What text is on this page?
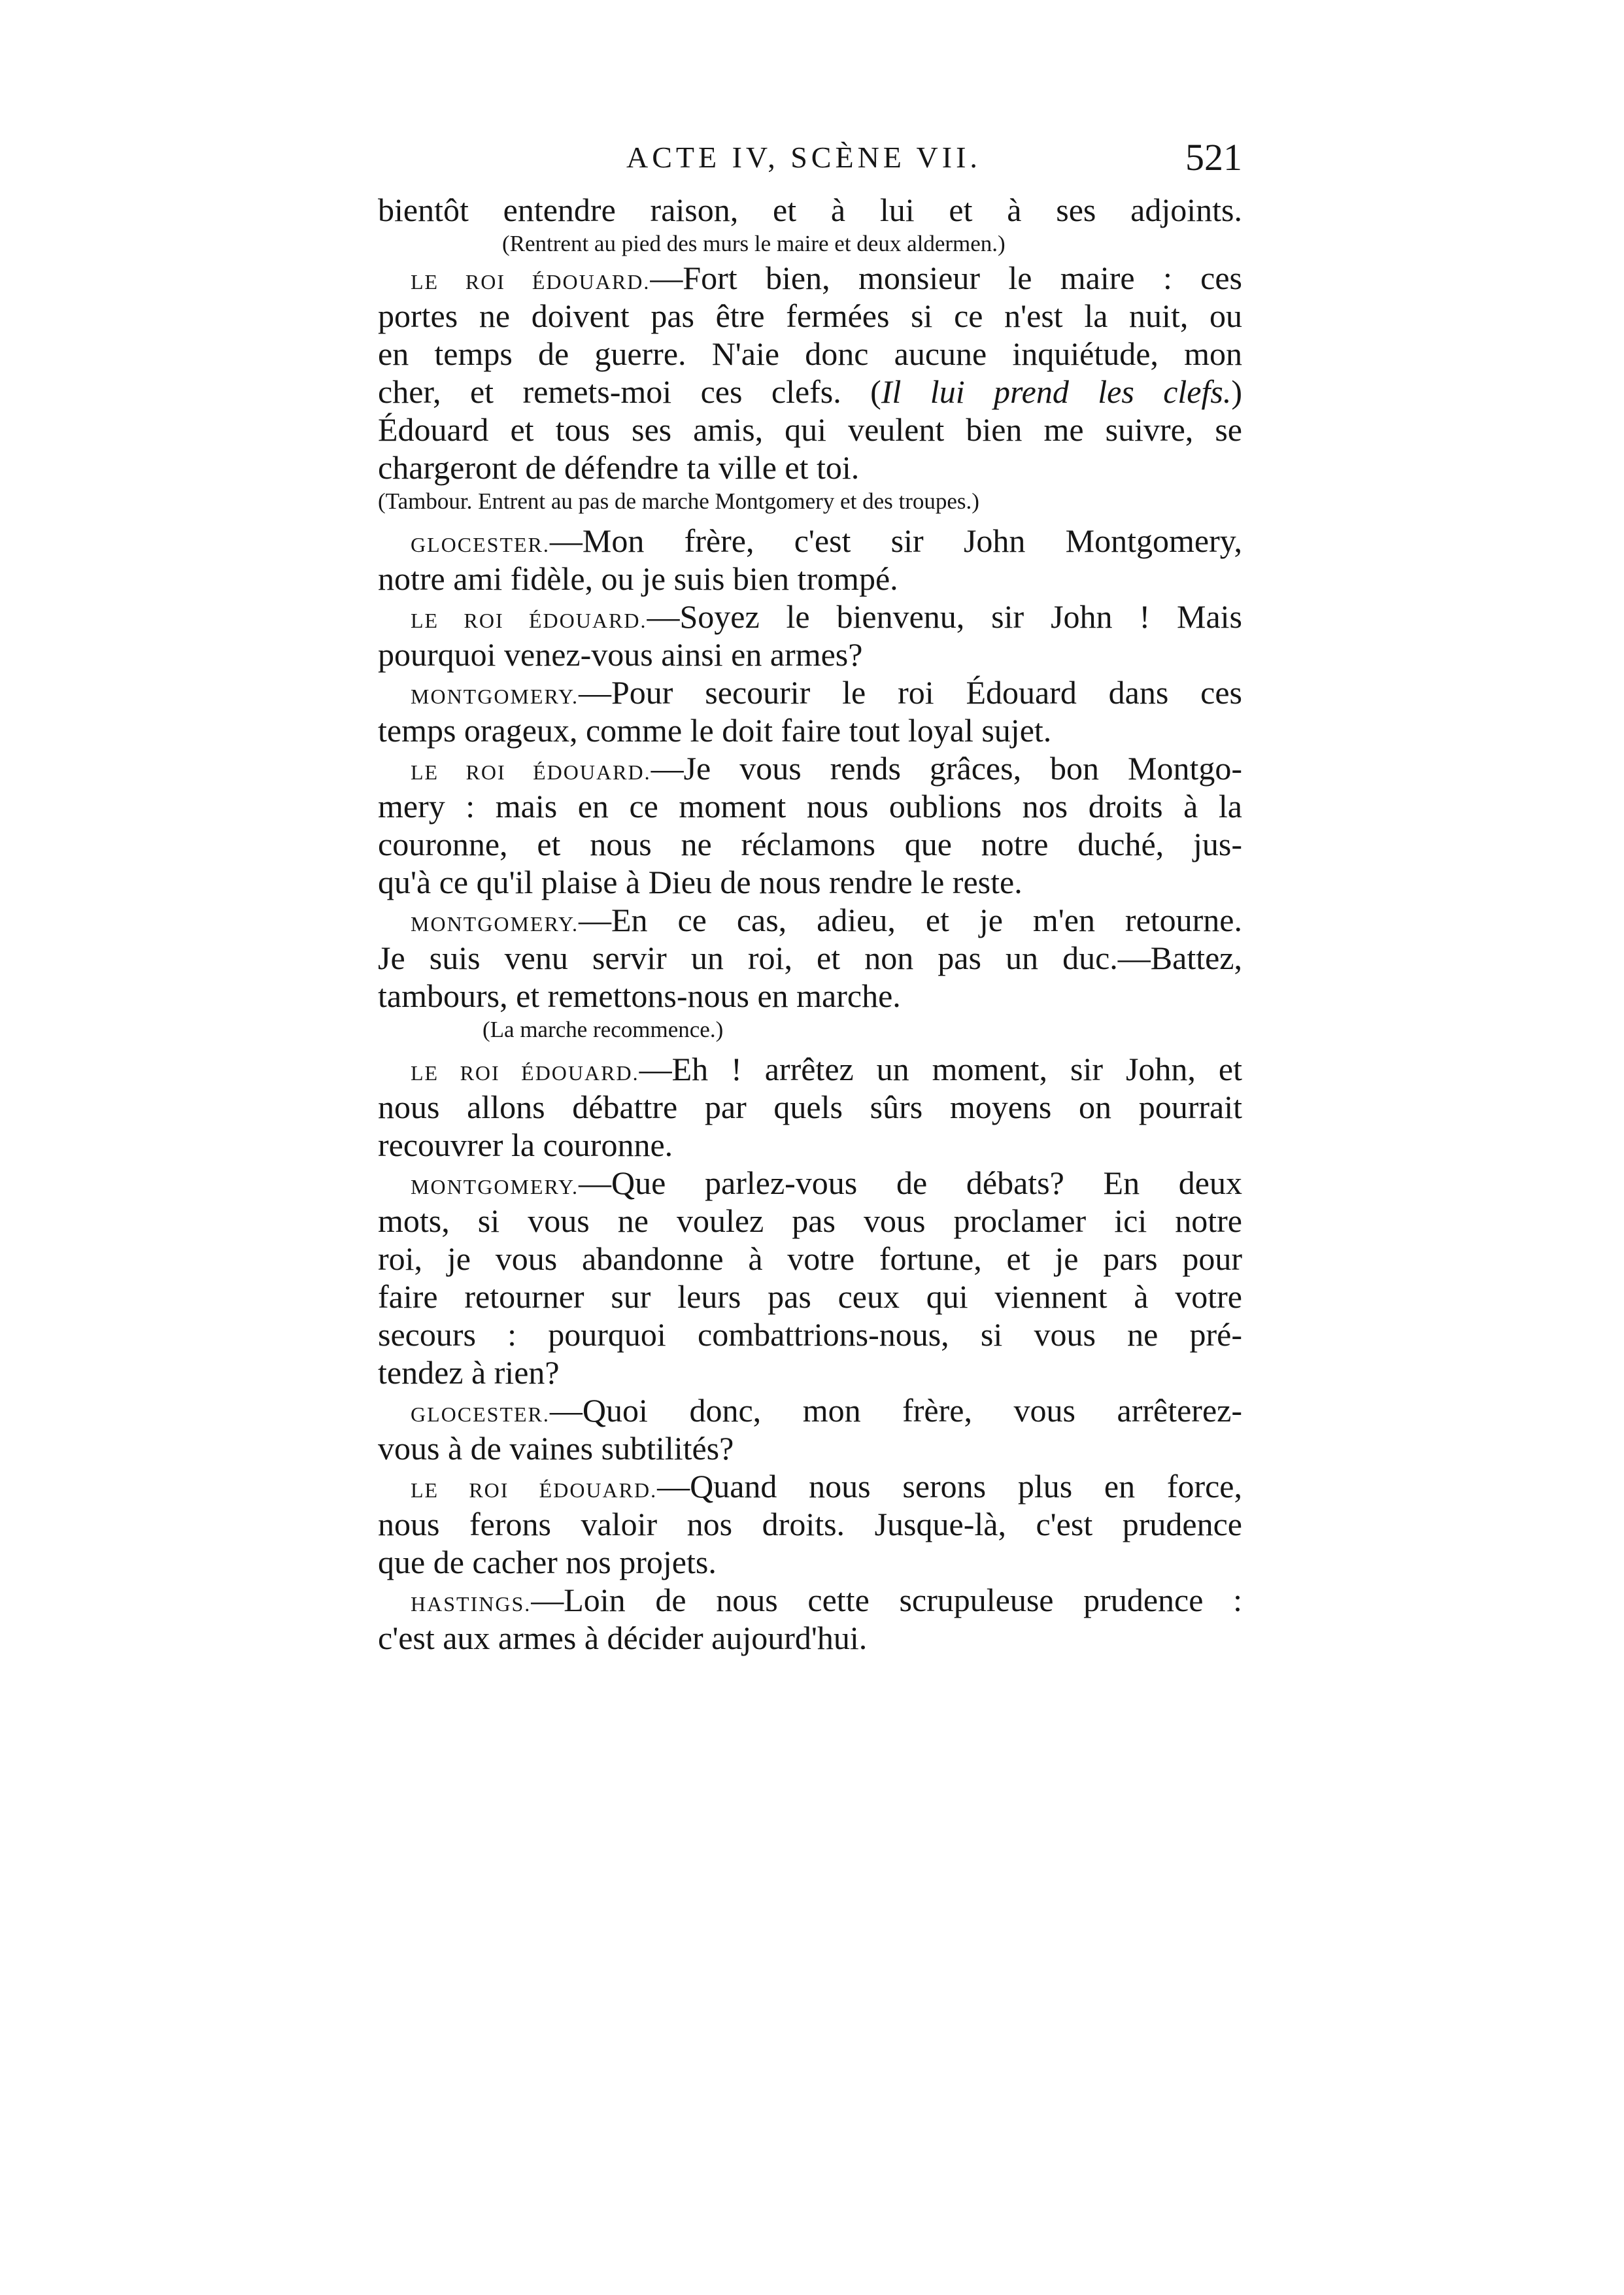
ACTE IV, SCÈNE VII.	521
bientôt entendre raison, et à lui et à ses adjoints.
(Rentrent au pied des murs le maire et deux aldermen.)
LE ROI ÉDOUARD.—Fort bien, monsieur le maire : ces
portes ne doivent pas être fermées si ce n'est la nuit, ou
en temps de guerre. N'aie donc aucune inquiétude, mon
cher, et remets-moi ces clefs. (Il lui prend les clefs.)
Édouard et tous ses amis, qui veulent bien me suivre, se
chargeront de défendre ta ville et toi.
(Tambour. Entrent au pas de marche Montgomery et des troupes.)
GLOCESTER.—Mon frère, c'est sir John Montgomery,
notre ami fidèle, ou je suis bien trompé.
LE ROI ÉDOUARD.—Soyez le bienvenu, sir John ! Mais
pourquoi venez-vous ainsi en armes?
MONTGOMERY.—Pour secourir le roi Édouard dans ces
temps orageux, comme le doit faire tout loyal sujet.
LE ROI ÉDOUARD.—Je vous rends grâces, bon Montgo-
mery : mais en ce moment nous oublions nos droits à la
couronne, et nous ne réclamons que notre duché, jus-
qu'à ce qu'il plaise à Dieu de nous rendre le reste.
MONTGOMERY.—En ce cas, adieu, et je m'en retourne.
Je suis venu servir un roi, et non pas un duc.—Battez,
tambours, et remettons-nous en marche.
(La marche recommence.)
LE ROI ÉDOUARD.—Eh ! arrêtez un moment, sir John, et
nous allons débattre par quels sûrs moyens on pourrait
recouvrer la couronne.
MONTGOMERY.—Que parlez-vous de débats? En deux
mots, si vous ne voulez pas vous proclamer ici notre
roi, je vous abandonne à votre fortune, et je pars pour
faire retourner sur leurs pas ceux qui viennent à votre
secours : pourquoi combattrions-nous, si vous ne pré-
tendez à rien?
GLOCESTER.—Quoi donc, mon frère, vous arrêterez-
vous à de vaines subtilités?
LE ROI ÉDOUARD.—Quand nous serons plus en force,
nous ferons valoir nos droits. Jusque-là, c'est prudence
que de cacher nos projets.
HASTINGS.—Loin de nous cette scrupuleuse prudence :
c'est aux armes à décider aujourd'hui.
